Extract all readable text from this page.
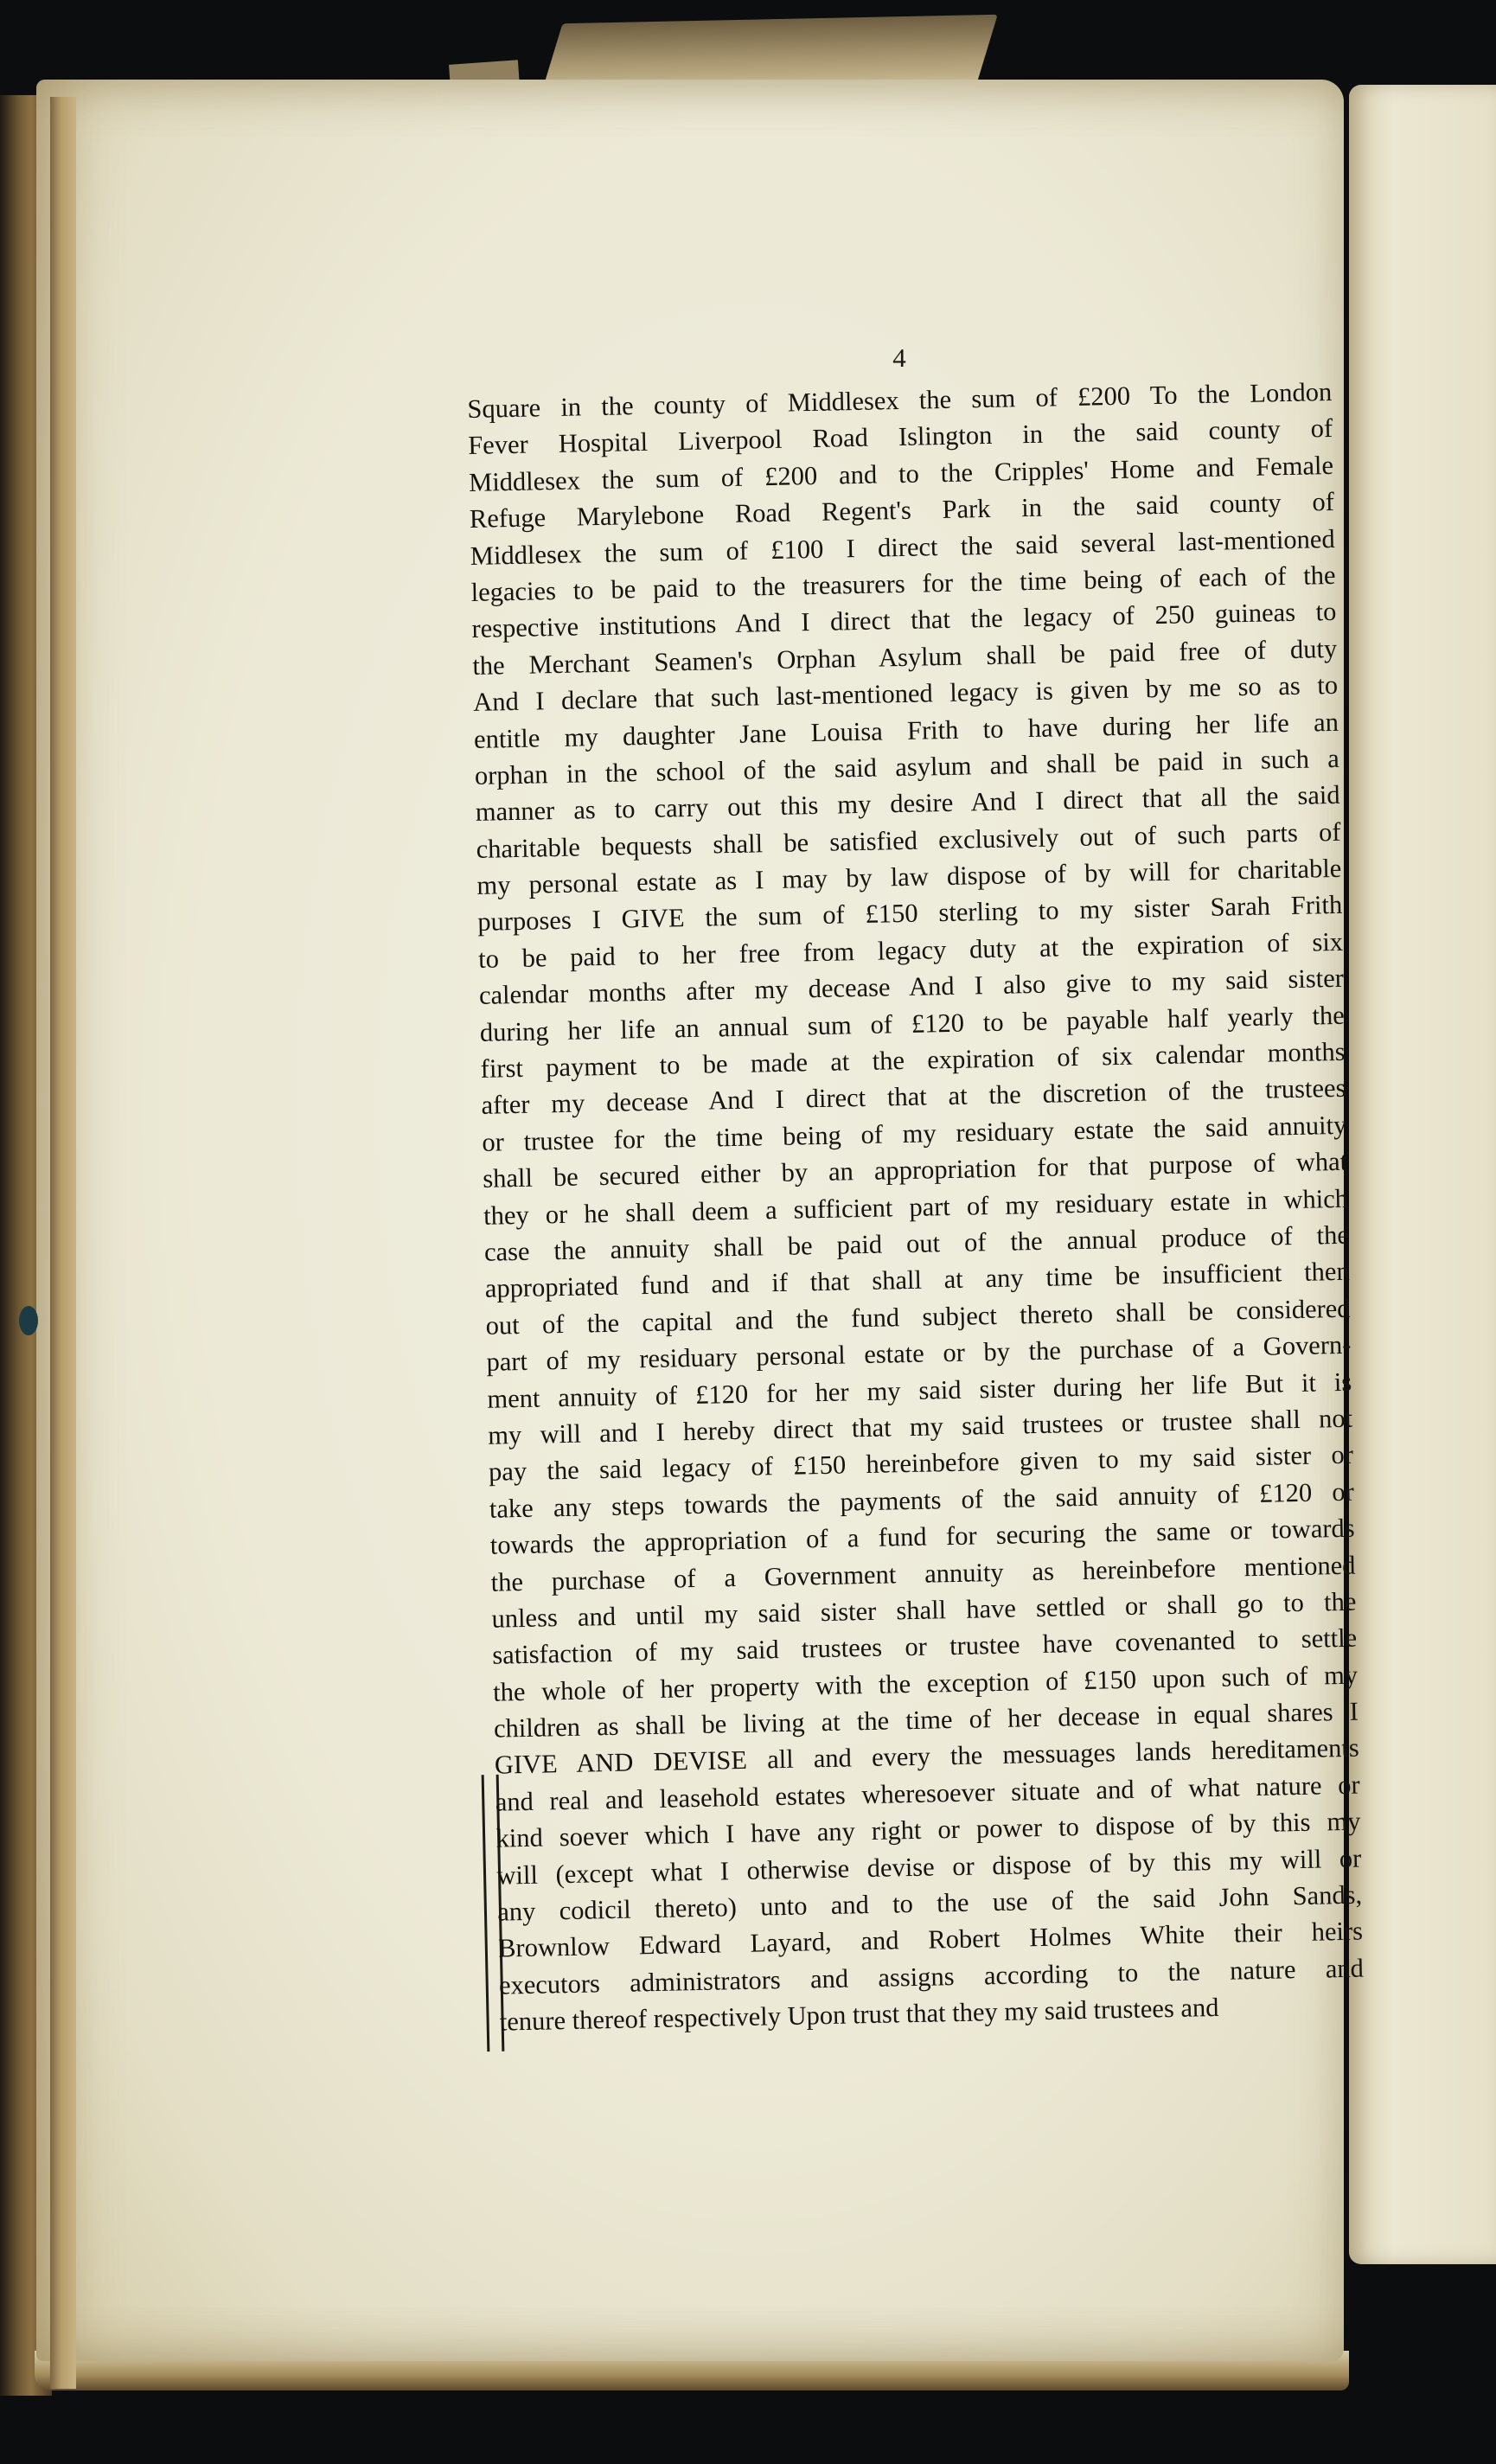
4
Square in the county of Middlesex the sum of £200 To the London
Fever Hospital Liverpool Road Islington in the said county of
Middlesex the sum of £200 and to the Cripples' Home and Female
Refuge Marylebone Road Regent's Park in the said county of
Middlesex the sum of £100 I direct the said several last-mentioned
legacies to be paid to the treasurers for the time being of each of the
respective institutions And I direct that the legacy of 250 guineas to
the Merchant Seamen's Orphan Asylum shall be paid free of duty
And I declare that such last-mentioned legacy is given by me so as to
entitle my daughter Jane Louisa Frith to have during her life an
orphan in the school of the said asylum and shall be paid in such a
manner as to carry out this my desire And I direct that all the said
charitable bequests shall be satisfied exclusively out of such parts of
my personal estate as I may by law dispose of by will for charitable
purposes I GIVE the sum of £150 sterling to my sister Sarah Frith
to be paid to her free from legacy duty at the expiration of six
calendar months after my decease And I also give to my said sister
during her life an annual sum of £120 to be payable half yearly the
first payment to be made at the expiration of six calendar months
after my decease And I direct that at the discretion of the trustees
or trustee for the time being of my residuary estate the said annuity
shall be secured either by an appropriation for that purpose of what
they or he shall deem a sufficient part of my residuary estate in which
case the annuity shall be paid out of the annual produce of the
appropriated fund and if that shall at any time be insufficient then
out of the capital and the fund subject thereto shall be considered
part of my residuary personal estate or by the purchase of a Govern-
ment annuity of £120 for her my said sister during her life But it is
my will and I hereby direct that my said trustees or trustee shall not
pay the said legacy of £150 hereinbefore given to my said sister or
take any steps towards the payments of the said annuity of £120 or
towards the appropriation of a fund for securing the same or towards
the purchase of a Government annuity as hereinbefore mentioned
unless and until my said sister shall have settled or shall go to the
satisfaction of my said trustees or trustee have covenanted to settle
the whole of her property with the exception of £150 upon such of my
children as shall be living at the time of her decease in equal shares I
GIVE AND DEVISE all and every the messuages lands hereditaments
and real and leasehold estates wheresoever situate and of what nature or
kind soever which I have any right or power to dispose of by this my
will (except what I otherwise devise or dispose of by this my will or
any codicil thereto) unto and to the use of the said John Sands,
Brownlow Edward Layard, and Robert Holmes White their heirs
executors administrators and assigns according to the nature and
tenure thereof respectively Upon trust that they my said trustees and
